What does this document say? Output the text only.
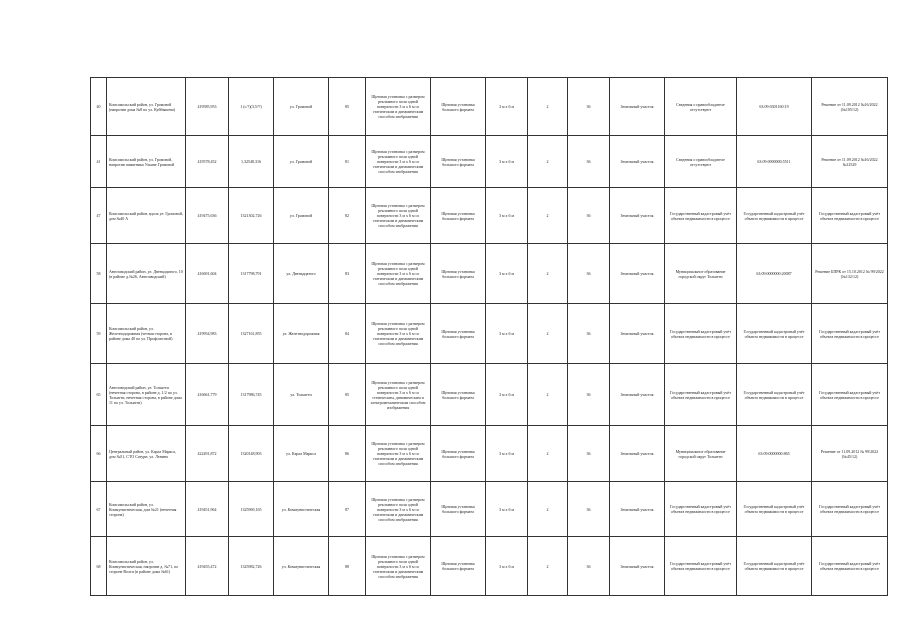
40	Комсомольский район, ул. Громовой (напротив дома №8 по ул. Куйбышева)	419585,953	1 (с/?)(3,5??)	ул. Громовой	85	Щитовая установка с размером рекламного поля одной поверхности 3 м х 6 м со статическим и динамическим способом изображения	Щитовая установка большого формата	3 м х 6 м	2	36	Земельный участок	Сведения о правообладателе отсутствуют	63:09:0301160:19	Решение от 11.09.2012 №16/2022 (№105/12)
41	Комсомольский район, ул. Громовой, напротив памятника Ульяне Громовой	419578,452	1,32548,316	ул. Громовой	81	Щитовая установка с размером рекламного поля одной поверхности 3 м х 6 м со статическим и динамическим способом изображения	Щитовая установка большого формата	3 м х 6 м	2	36	Земельный участок	Сведения о правообладателе отсутствуют	63:09:0000000:5511	Решение от 11.09.2012 №16/2022 №12529
47	Комсомольский район, вдоль ул. Громовой, дом №40 А	419475,636	1321302,726	ул. Громовой	82	Щитовая установка с размером рекламного поля одной поверхности 3 м х 6 м со статическим и динамическим способом изображения	Щитовая установка большого формата	3 м х 6 м	2	36	Земельный участок	Государственный кадастровый учёт объекта недвижимости в процессе	Государственный кадастровый учёт объекта недвижимости в процессе	Государственный кадастровый учёт объекта недвижимости в процессе
58	Автозаводский район, ул. Двенадцатого, 10 (в районе д.№26, Автозаводский)	416691,604	1317798,791	ул. Двенадцатого	83	Щитовая установка с размером рекламного поля одной поверхности 3 м х 6 м со статическим и динамическим способом изображения	Щитовая установка большого формата	3 м х 6 м	2	36	Земельный участок	Муниципальное образование городской округ Тольятти	63:09:0000000:20087	Решение БПРК от 15.10.2012 № 99/2022 (№132/12)
59	Комсомольский район, ул. Железнодорожная (четная сторона, в районе дома 40 по ул. Профсоюзной)	419954,983	1327161,855	ул. Железнодорожная	84	Щитовая установка с размером рекламного поля одной поверхности 3 м х 6 м со статическим и динамическим способом изображения	Щитовая установка большого формата	3 м х 6 м	2	36	Земельный участок	Государственный кадастровый учёт объекта недвижимости в процессе	Государственный кадастровый учёт объекта недвижимости в процессе	Государственный кадастровый учёт объекта недвижимости в процессе
65	Автозаводский район, ул. Тольятти (нечетная сторона, в районе д. 1/2 по ул. Тольятти, нечетная сторона, в районе дома 11 по ул. Тольятти)	416661,779	1317986,745	ул. Тольятти	85	Щитовая установка с размером рекламного поля одной поверхности 3 м х 6 м со статическим, динамическим и электромеханическим способом изображения	Щитовая установка большого формата	3 м х 6 м	2	36	Земельный участок	Государственный кадастровый учёт объекта недвижимости в процессе	Государственный кадастровый учёт объекта недвижимости в процессе	Государственный кадастровый учёт объекта недвижимости в процессе
66	Центральный район, ул. Карла Маркса, дом №51, СТО Сатурн, ул. Ленина	422491,872	1320148,903	ул. Карла Маркса	86	Щитовая установка с размером рекламного поля одной поверхности 3 м х 6 м со статическим и динамическим способом изображения	Щитовая установка большого формата	3 м х 6 м	2	36	Земельный участок	Муниципальное образование городской округ Тольятти	63:09:0000000:865	Решение от 11.09.2012 № 99/2022 (№45/12)
67	Комсомольский район, ул. Коммунистическая, дом №21 (нечетная сторона)	419451,964	1325969,165	ул. Коммунистическая	87	Щитовая установка с размером рекламного поля одной поверхности 3 м х 6 м со статическим и динамическим способом изображения	Щитовая установка большого формата	3 м х 6 м	2	36	Земельный участок	Государственный кадастровый учёт объекта недвижимости в процессе	Государственный кадастровый учёт объекта недвижимости в процессе	Государственный кадастровый учёт объекта недвижимости в процессе
68	Комсомольский район, ул. Коммунистическая, напротив д. №71, по стороне Волги (в районе дома №61)	419455,472	1325982,726	ул. Коммунистическая	88	Щитовая установка с размером рекламного поля одной поверхности 3 м х 6 м со статическим и динамическим способом изображения	Щитовая установка большого формата	3 м х 6 м	2	36	Земельный участок	Государственный кадастровый учёт объекта недвижимости в процессе	Государственный кадастровый учёт объекта недвижимости в процессе	Государственный кадастровый учёт объекта недвижимости в процессе
